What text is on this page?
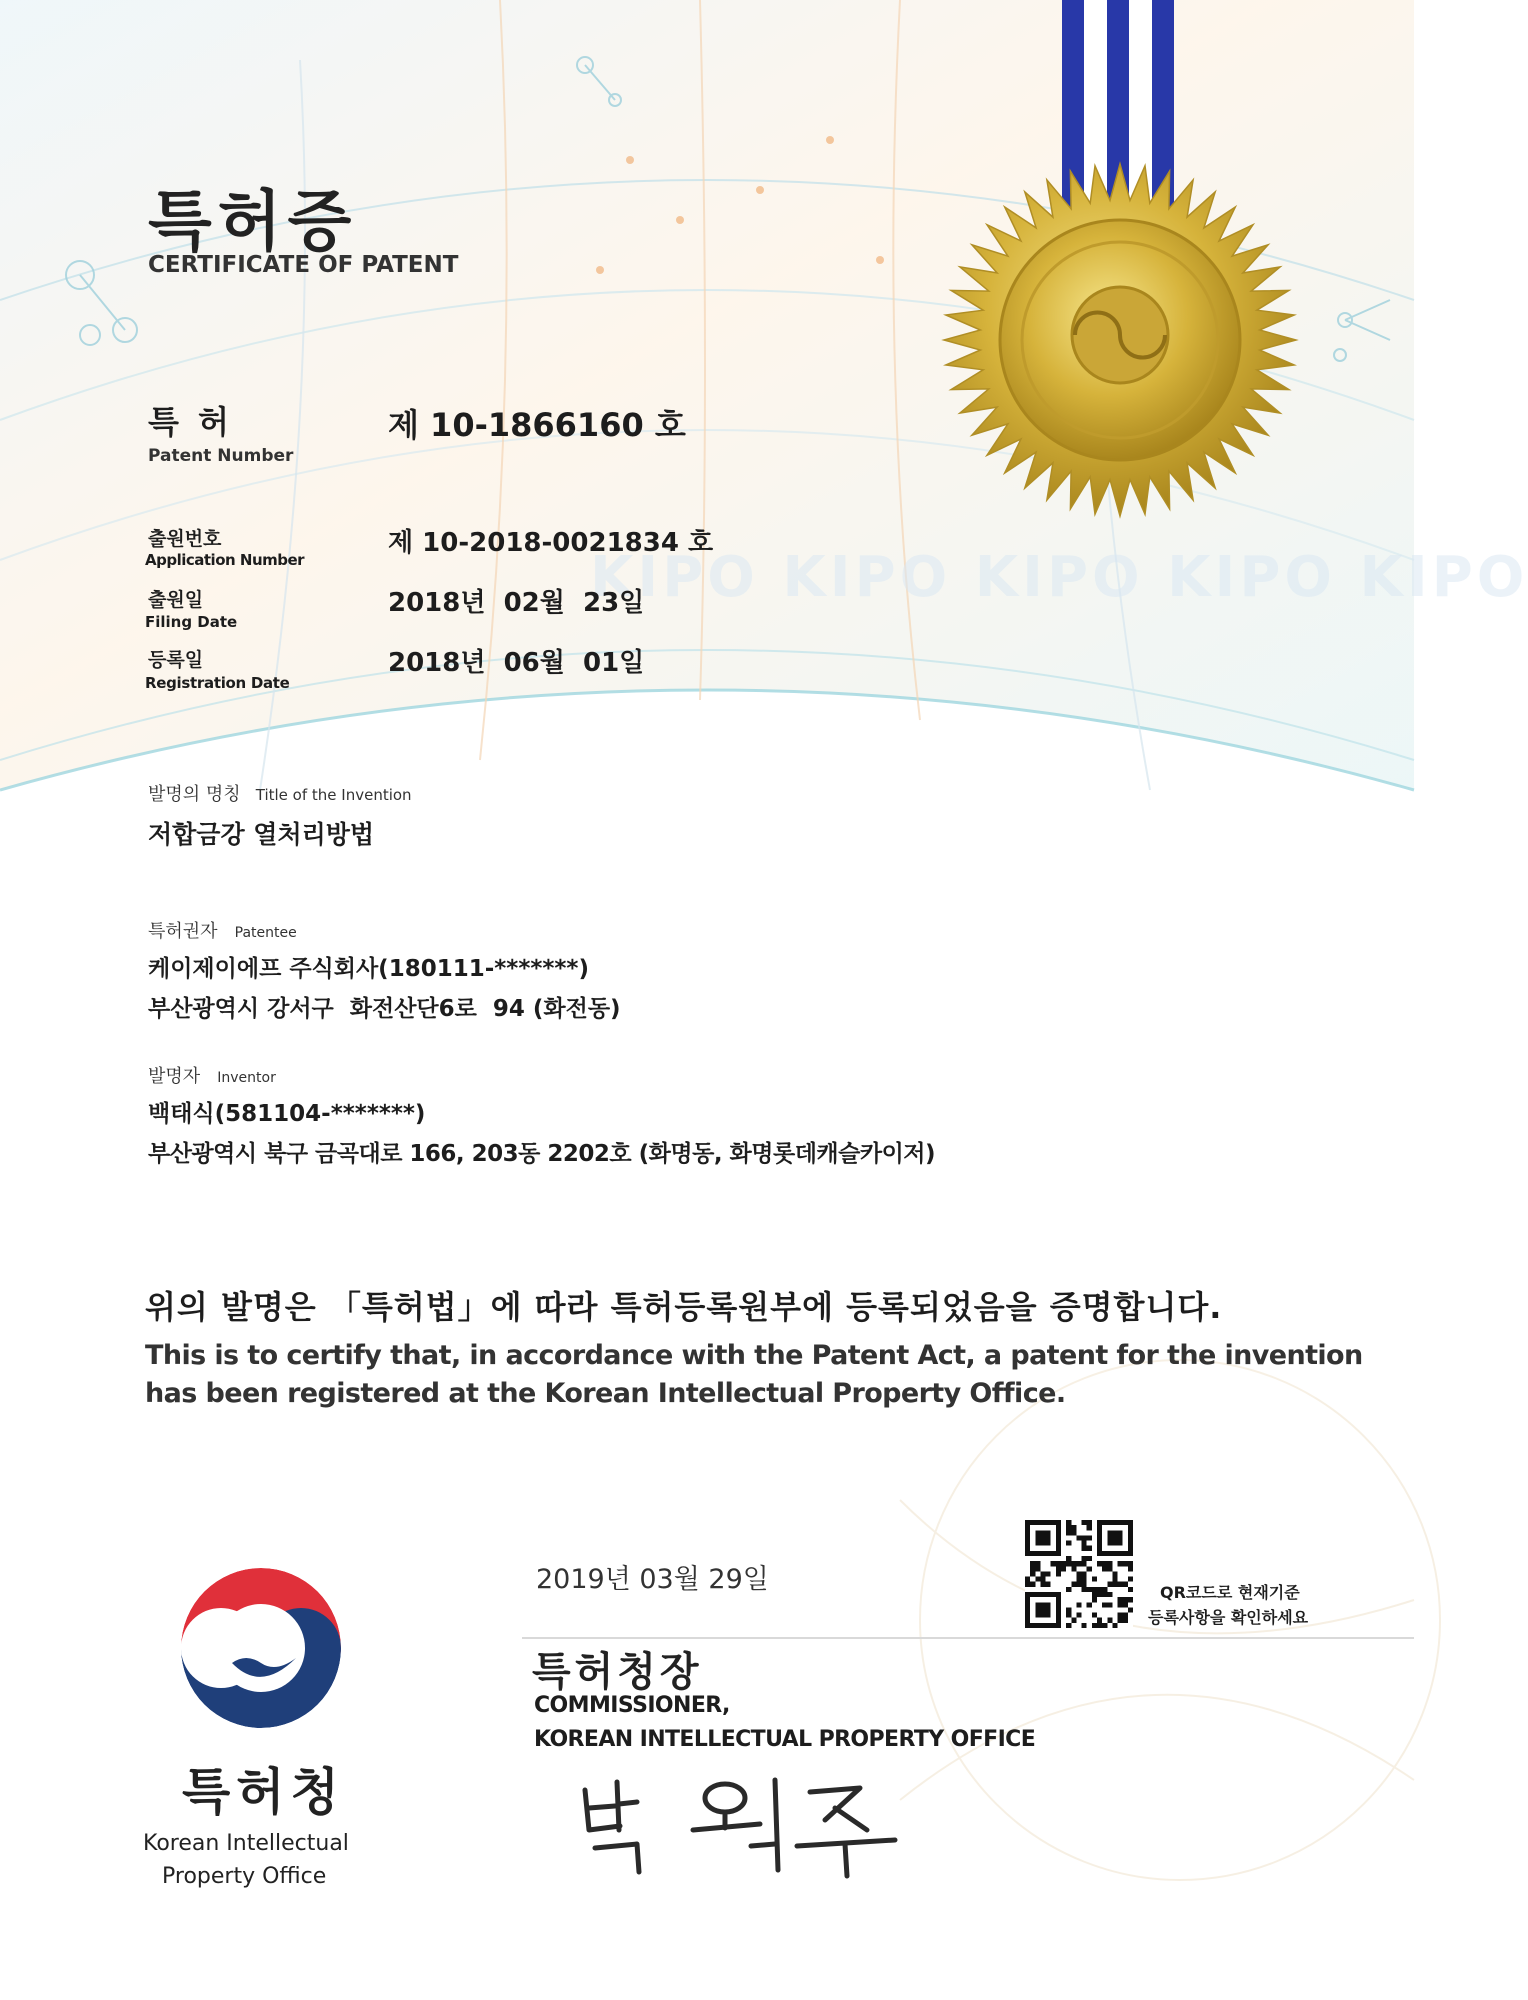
KIPO KIPO KIPO KIPO KIPO
특허증
CERTIFICATE OF PATENT
특 허
Patent Number
제 10-1866160 호
출원번호
Application Number
제 10-2018-0021834 호
출원일
Filing Date
2018년  02월  23일
등록일
Registration Date
2018년  06월  01일
발명의 명칭 Title of the Invention
저합금강 열처리방법
특허권자 Patentee
케이제이에프 주식회사(180111-*******)
부산광역시 강서구  화전산단6로  94 (화전동)
발명자 Inventor
백태식(581104-*******)
부산광역시 북구 금곡대로 166, 203동 2202호 (화명동, 화명롯데캐슬카이저)
위의 발명은 「특허법」에 따라 특허등록원부에 등록되었음을 증명합니다.
This is to certify that, in accordance with the Patent Act, a patent for the invention
has been registered at the Korean Intellectual Property Office.
2019년 03월 29일	QR코드로 현재기준
등록사항을 확인하세요
특허청장
COMMISSIONER,
KOREAN INTELLECTUAL PROPERTY OFFICE
특허청
Korean Intellectual
Property Office
